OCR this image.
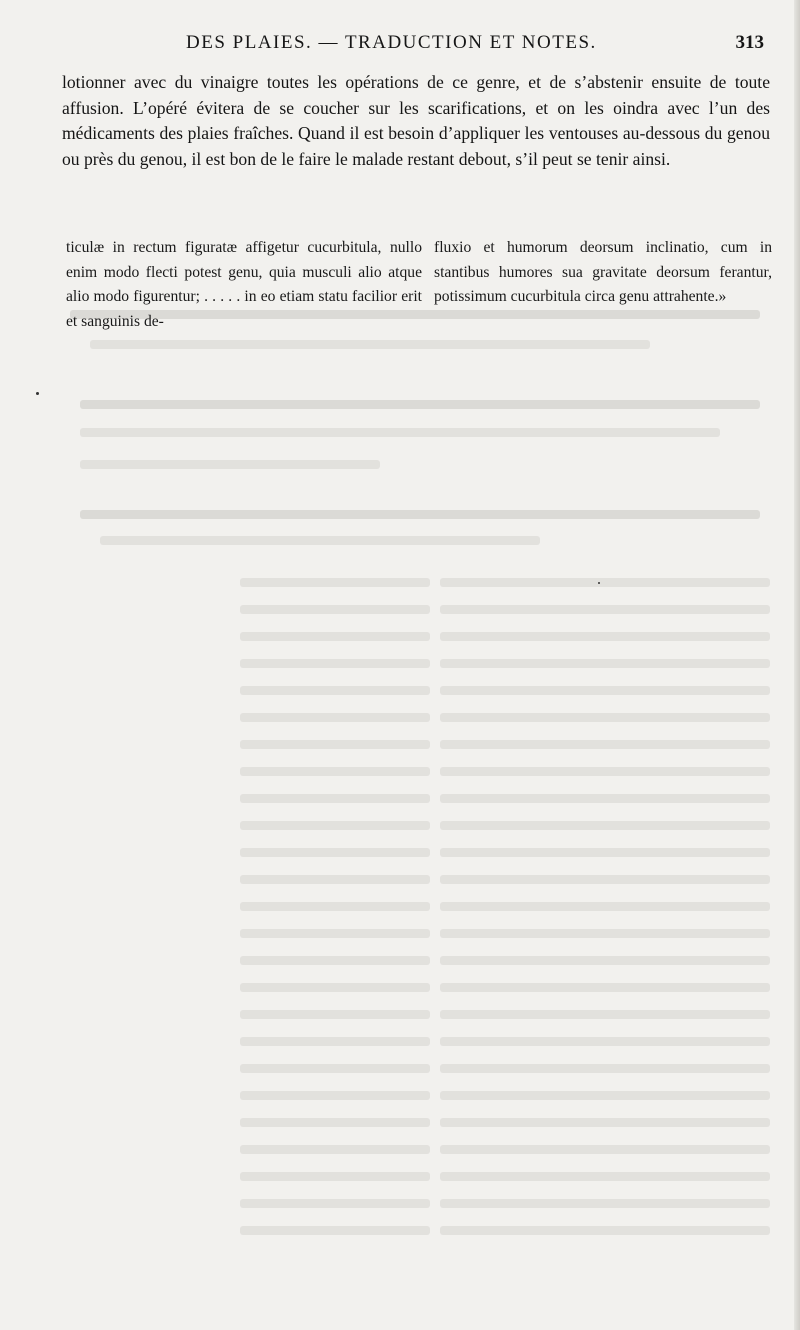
DES PLAIES. — TRADUCTION ET NOTES.	313

lotionner avec du vinaigre toutes les opérations de ce genre, et de s’abstenir ensuite de toute affusion. L’opéré évitera de se coucher sur les scarifications, et on les oindra avec l’un des médicaments des plaies fraîches. Quand il est besoin d’appliquer les ventouses au-dessous du genou ou près du genou, il est bon de le faire le malade restant debout, s’il peut se tenir ainsi.

ticulæ in rectum figuratæ affigetur cucurbitula, nullo enim modo flecti potest genu, quia musculi alio atque alio modo figurentur; . . . . . in eo etiam statu facilior erit et sanguinis de-

fluxio et humorum deorsum inclinatio, cum in stantibus humores sua gravitate deorsum ferantur, potissimum cucurbitula circa genu attrahente.»
